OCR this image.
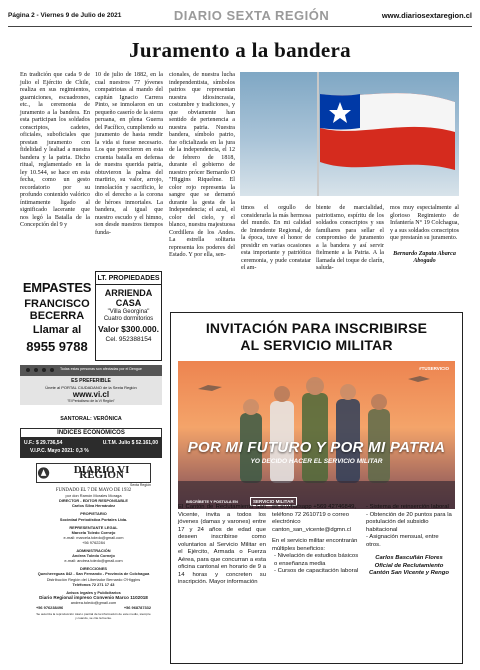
Página 2 - Viernes 9 de Julio de 2021	DIARIO SEXTA REGIÓN	www.diariosextaregion.cl
Juramento a la bandera

En tradición que cada 9 de julio el Ejército de Chile, realiza en sus regimientos, guarniciones, escuadrones, etc., la ceremonia de juramento a la bandera. En esta participan los soldados conscriptos, cadetes, oficiales, suboficiales que prestan juramento con fidelidad y lealtad a nuestra bandera y la patria. Dicho ritual, reglamentado en la ley 10.544, se hace en esta fecha, como un gesto recordatorio por su profundo contenido valórico íntimamente ligado al significado lacerante que nos legó la Batalla de la Concepción del 9 y

10 de julio de 1882, en la cual nuestros 77 jóvenes compatriotas al mando del capitán Ignacio Carrera Pinto, se inmolaron en un pequeño caserío de la sierra peruana, en plena Guerra del Pacífico, cumpliendo su juramento de hasta rendir la vida si fuese necesario. Los que perecieron en esta cruenta batalla en defensa de nuestra querida patria, obtuvieron la palma del martirio, su valor, arrojo, inmolación y sacrificio, le dio el derecho a la corona de héroes inmortales. La bandera, al igual que nuestro escudo y el himno, son desde nuestros tiempos funda-

cionales, de nuestra lucha independentista, símbolos patrios que representan nuestra idiosincrasia, costumbre y tradiciones, y que obviamente han sentido de pertenencia a nuestra patria. Nuestra bandera, símbolo patrio, fue oficializada en la jura de la independencia, el 12 de febrero de 1818, durante el gobierno de nuestro prócer Bernardo O "Higgins Riquelme. El color rojo representa la sangre que se derramó durante la gesta de la Independencia; el azul, el color del cielo, y el blanco, nuestra majestuosa Cordillera de los Andes. La estrella solitaria representa los poderes del Estado. Y por ella, sen-

timos el orgullo de considerarla la más hermosa del mundo. En mi calidad de Intendente Regional, de la época, tuve el honor de presidir en varias ocasiones esta importante y patriótica ceremonia, y pude constatar el am-

biente de marcialidad, patriotismo, espíritu de los soldados conscriptos y sus familiares para sellar el compromiso de juramento a la bandera y así servir fielmente a la Patria. A la llamada del toque de clarín, saluda-

mos muy especialmente al glorioso Regimiento de Infantería N° 19 Colchagua, y a sus soldados conscriptos que prestarán su juramento.

Bernardo Zapata Abarca

Abogado

EMPASTES
FRANCISCO
BECERRA
Llamar al
8955 9788
LT. PROPIEDADES
ARRIENDA
CASA
"Villa Georgina"
Cuatro dormitorios
Valor $300.000.
Cel. 952388154
Todas estas personas son afectadas por el Dengue
ES PREFERIBLE
Únete al PORTAL CIUDADANO de la Sexta Región
www.vi.cl
"El Periodismo de la VI Región"
SANTORAL: VERÓNICA
ÍNDICES ECONÓMICOS
U.F.: $ 29.736,54	U.T.M. Julio $ 52.161,00
V.I.P.C. Mayo 2021: 0,3 %
DIARIO VI REGION
Sexta Región
FUNDADO EL 7 DE MAYO DE 1932
por don Ramón Morales Moraga
DIRECTOR - EDITOR RESPONSABLE
Carlos Silva Hernández
PROPIETARIO
Sociedad Periodística Portales Ltda.
REPRESENTANTE LEGAL
Marcela Toledo Cornejo
e-mail: marcela.toledo@gmail.com
+56 9762284
ADMINISTRACIÓN
Andrea Toledo Cornejo
e-mail: andrea.toledo@gmail.com
DIRECCIONES
Quechereguas 842 - San Fernando - Provincia de Colchagua
Distribución Región del Libertador Bernardo O'Higgins
Teléfonos 72 271 17 43
Avisos legales y Publicitarios
Diario Regional impreso Convenio Marco 1102018
andrea.toledo@gmail.com
+56 976238496	+56 968787332
Se autoriza la reproducción total o parcial de la información de este medio, siempre y cuando, se cite la fuente.
INVITACIÓN PARA INSCRIBIRSE
AL SERVICIO MILITAR
#TUSERVICIO
POR MI FUTURO Y POR MI PATRIA
YO DECIDO HACER EL SERVICIO MILITAR
INSCRÍBETE Y POSTULA EN	SERVICIO MILITAR

El Cantón de Reclutamiento San Vicente, invita a todos los jóvenes (damas y varones) entre 17 y 24 años de edad que deseen inscribirse como voluntarios al Servicio Militar en el Ejército, Armada o Fuerza Aérea, para que concurran a esta oficina cantonal en horario de 9 a 14 horas y concreten su inscripción. Mayor información

en el whatsapp +569 42746849, teléfono 72 2610719 o correo electrónico canton_san_vicente@dgmn.cl

En el servicio militar encontrarán múltiples beneficios:

- Nivelación de estudios básicos o enseñanza media

- Cursos de capacitación laboral

- Sistema de reinserción laboral

- Obtención de 20 puntos para la postulación del subsidio habitacional

- Asignación mensual, entre otros.

Carlos Bascuñán Flores

Oficial de Reclutamiento

Cantón San Vicente y Rengo
